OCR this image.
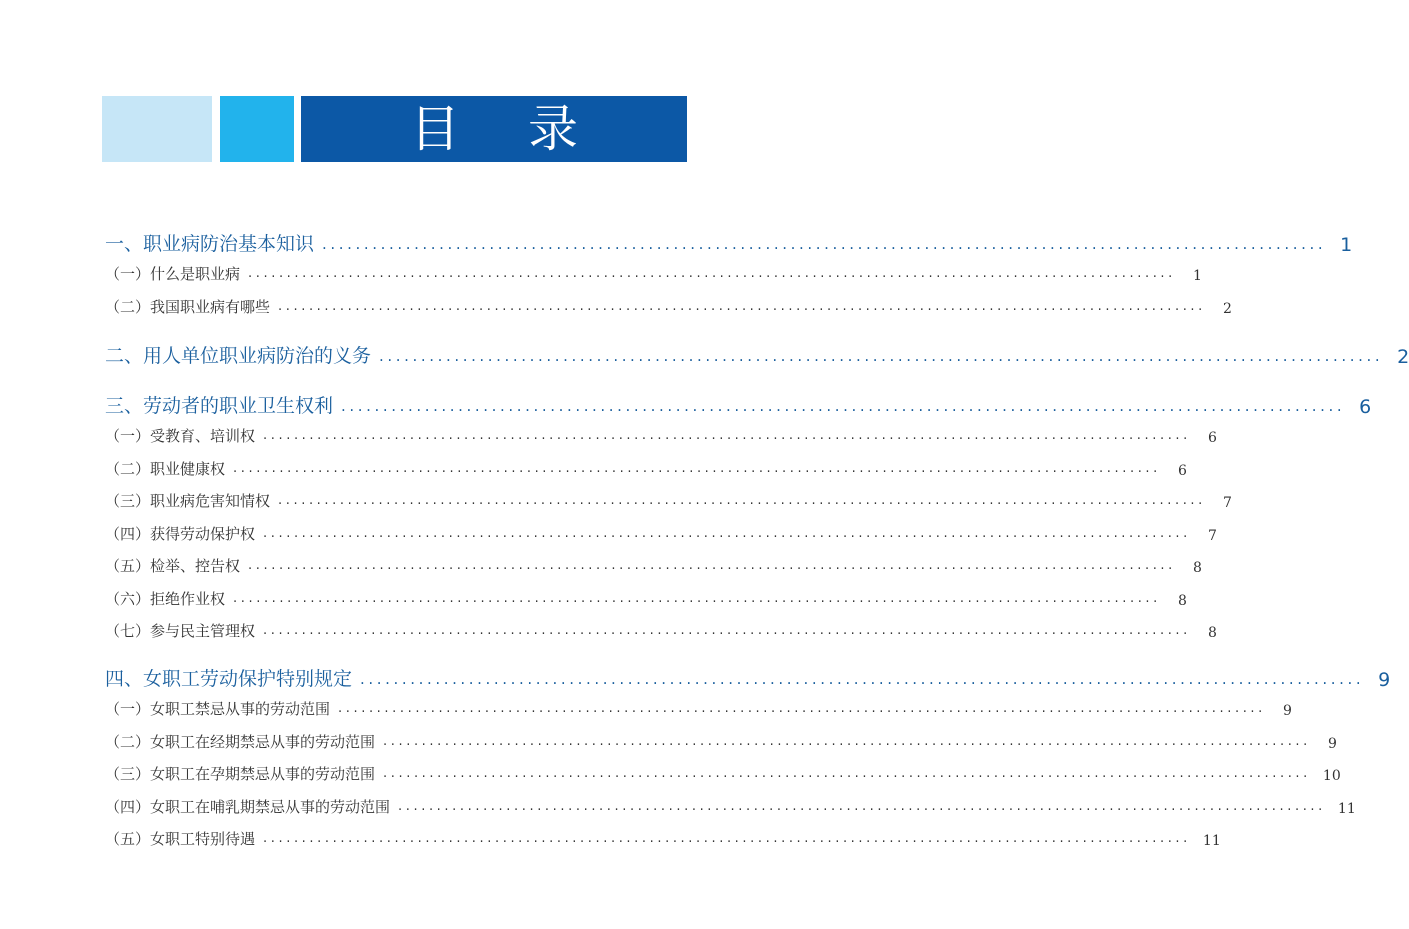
目 录
一、职业病防治基本知识 ........................................................................................................................ 1
（一）什么是职业病 ........................................................................................................................	1
（二）我国职业病有哪些 ........................................................................................................................	2
二、用人单位职业病防治的义务 ........................................................................................................................ 2
三、劳动者的职业卫生权利 ........................................................................................................................ 6
（一）受教育、培训权 ........................................................................................................................	6
（二）职业健康权 ........................................................................................................................	6
（三）职业病危害知情权 ........................................................................................................................	7
（四）获得劳动保护权 ........................................................................................................................	7
（五）检举、控告权 ........................................................................................................................	8
（六）拒绝作业权 ........................................................................................................................	8
（七）参与民主管理权 ........................................................................................................................	8
四、女职工劳动保护特别规定 ........................................................................................................................ 9
（一）女职工禁忌从事的劳动范围 ........................................................................................................................	9
（二）女职工在经期禁忌从事的劳动范围 ........................................................................................................................	9
（三）女职工在孕期禁忌从事的劳动范围 ........................................................................................................................ 10
（四）女职工在哺乳期禁忌从事的劳动范围 ........................................................................................................................ 11
（五）女职工特别待遇 ........................................................................................................................ 11
